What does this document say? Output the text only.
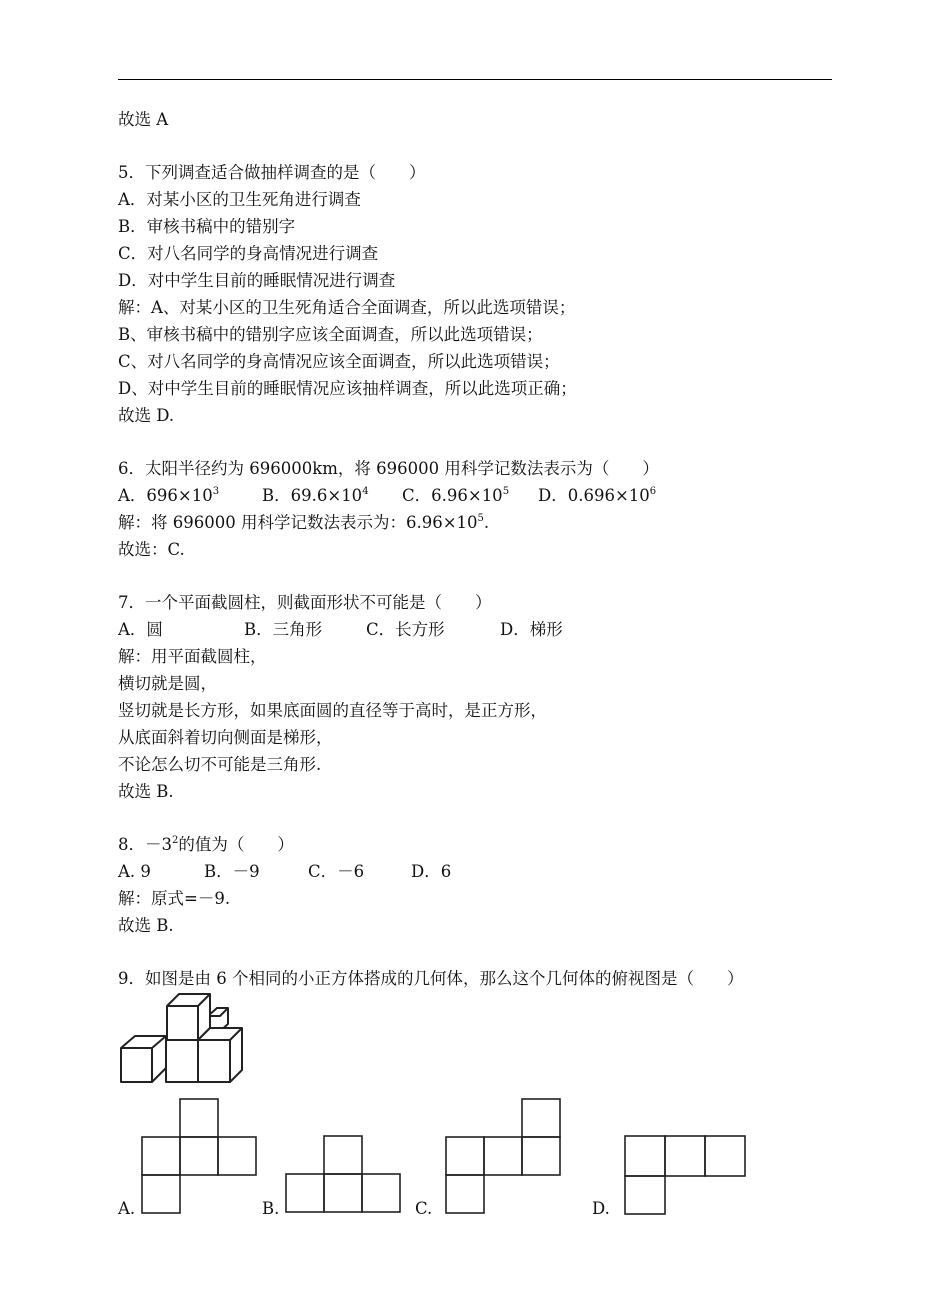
故选 A
5．下列调查适合做抽样调查的是（　　）
A．对某小区的卫生死角进行调查
B．审核书稿中的错别字
C．对八名同学的身高情况进行调查
D．对中学生目前的睡眠情况进行调查
解：A、对某小区的卫生死角适合全面调查，所以此选项错误；
B、审核书稿中的错别字应该全面调查，所以此选项错误；
C、对八名同学的身高情况应该全面调查，所以此选项错误；
D、对中学生目前的睡眠情况应该抽样调查，所以此选项正确；
故选 D.
6．太阳半径约为 696000km，将 696000 用科学记数法表示为（　　）
A．$696\times 10^3$	B．$69.6\times 10^4$ C．$6.96\times 10^5$ D．$0.696\times 10^6$
解：将 696000 用科学记数法表示为：$6.96\times 10^5$.
故选：C.
7．一个平面截圆柱，则截面形状不可能是（　　）
A．圆	B．三角形	C．长方形	D．梯形
解：用平面截圆柱，
横切就是圆，
竖切就是长方形，如果底面圆的直径等于高时，是正方形，
从底面斜着切向侧面是梯形，
不论怎么切不可能是三角形.
故选 B.
8．$-3^2$的值为（　　）
A. 9	B．－9	C．－6	D．6
解：原式=－9.
故选 B.
9．如图是由 6 个相同的小正方体搭成的几何体，那么这个几何体的俯视图是（　　）
A.	B.	C.	D.
